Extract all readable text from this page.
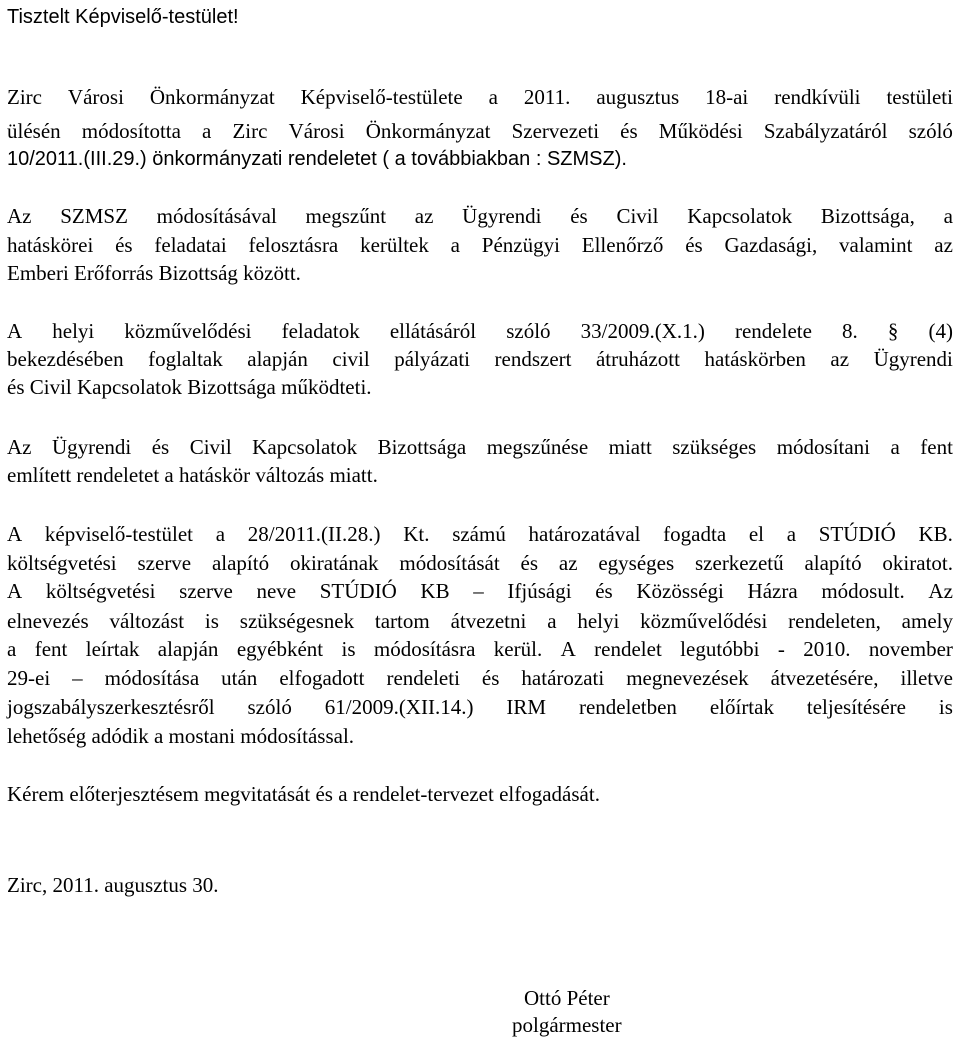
Tisztelt Képviselő-testület!
Zirc Városi Önkormányzat Képviselő-testülete a 2011. augusztus 18-ai rendkívüli testületi
ülésén módosította a Zirc Városi Önkormányzat Szervezeti és Működési Szabályzatáról szóló
10/2011.(III.29.) önkormányzati rendeletet ( a továbbiakban : SZMSZ).
Az SZMSZ módosításával megszűnt az Ügyrendi és Civil Kapcsolatok Bizottsága, a
hatáskörei és feladatai felosztásra kerültek a Pénzügyi Ellenőrző és Gazdasági, valamint az
Emberi Erőforrás Bizottság között.
A helyi közművelődési feladatok ellátásáról szóló 33/2009.(X.1.) rendelete 8. § (4)
bekezdésében foglaltak alapján civil pályázati rendszert átruházott hatáskörben az Ügyrendi
és Civil Kapcsolatok Bizottsága működteti.
Az Ügyrendi és Civil Kapcsolatok Bizottsága megszűnése miatt szükséges módosítani a fent
említett rendeletet a hatáskör változás miatt.
A képviselő-testület a 28/2011.(II.28.) Kt. számú határozatával fogadta el a STÚDIÓ KB.
költségvetési szerve alapító okiratának módosítását és az egységes szerkezetű alapító okiratot.
A költségvetési szerve neve STÚDIÓ KB – Ifjúsági és Közösségi Házra módosult. Az
elnevezés változást is szükségesnek tartom átvezetni a helyi közművelődési rendeleten, amely
a fent leírtak alapján egyébként is módosításra kerül. A rendelet legutóbbi - 2010. november
29-ei – módosítása után elfogadott rendeleti és határozati megnevezések átvezetésére, illetve
jogszabályszerkesztésről szóló 61/2009.(XII.14.) IRM rendeletben előírtak teljesítésére is
lehetőség adódik a mostani módosítással.
Kérem előterjesztésem megvitatását és a rendelet-tervezet elfogadását.
Zirc, 2011. augusztus 30.
Ottó Péter
polgármester
